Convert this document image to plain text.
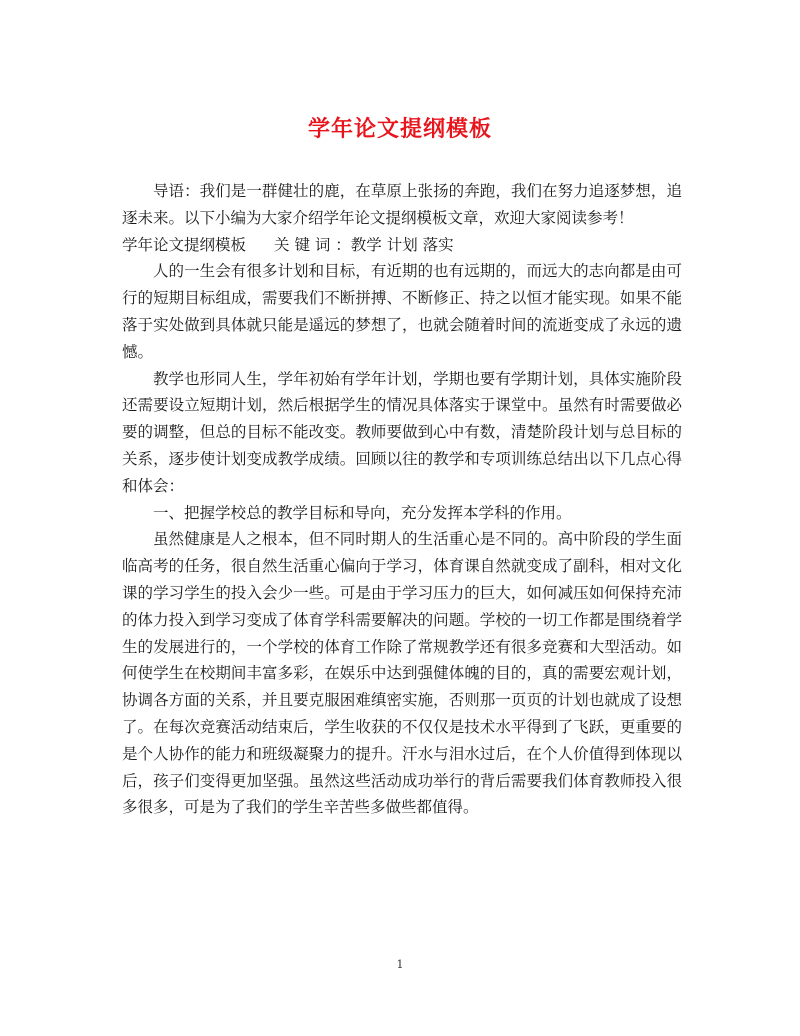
学年论文提纲模板

导语：我们是一群健壮的鹿，在草原上张扬的奔跑，我们在努力追逐梦想，追逐未来。以下小编为大家介绍学年论文提纲模板文章，欢迎大家阅读参考！

学年论文提纲模板 关 键 词 ：教学 计划 落实

人的一生会有很多计划和目标，有近期的也有远期的，而远大的志向都是由可行的短期目标组成，需要我们不断拼搏、不断修正、持之以恒才能实现。如果不能落于实处做到具体就只能是遥远的梦想了，也就会随着时间的流逝变成了永远的遗憾。

教学也形同人生，学年初始有学年计划，学期也要有学期计划，具体实施阶段还需要设立短期计划，然后根据学生的情况具体落实于课堂中。虽然有时需要做必要的调整，但总的目标不能改变。教师要做到心中有数，清楚阶段计划与总目标的关系，逐步使计划变成教学成绩。回顾以往的教学和专项训练总结出以下几点心得和体会：

一、把握学校总的教学目标和导向，充分发挥本学科的作用。

虽然健康是人之根本，但不同时期人的生活重心是不同的。高中阶段的学生面临高考的任务，很自然生活重心偏向于学习，体育课自然就变成了副科，相对文化课的学习学生的投入会少一些。可是由于学习压力的巨大，如何减压如何保持充沛的体力投入到学习变成了体育学科需要解决的问题。学校的一切工作都是围绕着学生的发展进行的，一个学校的体育工作除了常规教学还有很多竞赛和大型活动。如何使学生在校期间丰富多彩，在娱乐中达到强健体魄的目的，真的需要宏观计划，协调各方面的关系，并且要克服困难缜密实施，否则那一页页的计划也就成了设想了。在每次竞赛活动结束后，学生收获的不仅仅是技术水平得到了飞跃，更重要的是个人协作的能力和班级凝聚力的提升。汗水与泪水过后，在个人价值得到体现以后，孩子们变得更加坚强。虽然这些活动成功举行的背后需要我们体育教师投入很多很多，可是为了我们的学生辛苦些多做些都值得。

1
